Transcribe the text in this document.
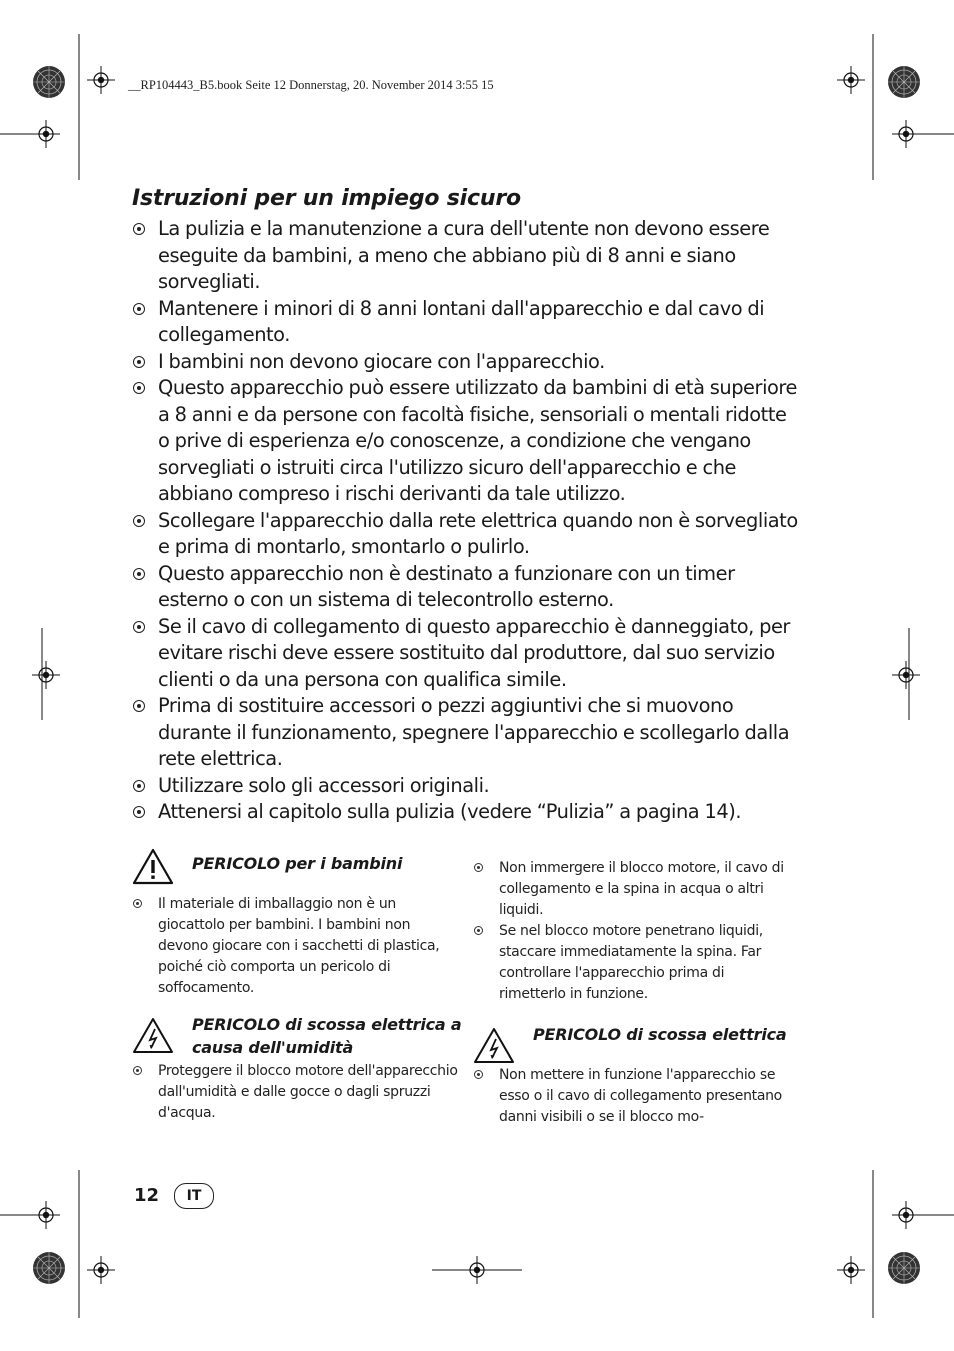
__RP104443_B5.book Seite 12 Donnerstag, 20. November 2014 3:55 15
Istruzioni per un impiego sicuro
La pulizia e la manutenzione a cura dell'utente non devono essere eseguite da bambini, a meno che abbiano più di 8 anni e siano sorvegliati.
Mantenere i minori di 8 anni lontani dall'apparecchio e dal cavo di collegamento.
I bambini non devono giocare con l'apparecchio.
Questo apparecchio può essere utilizzato da bambini di età superiore a 8 anni e da persone con facoltà fisiche, sensoriali o mentali ridotte o prive di esperienza e/o conoscenze, a condizione che vengano sorvegliati o istruiti circa l'utilizzo sicuro dell'apparecchio e che abbiano compreso i rischi derivanti da tale utilizzo.
Scollegare l'apparecchio dalla rete elettrica quando non è sorvegliato e prima di montarlo, smontarlo o pulirlo.
Questo apparecchio non è destinato a funzionare con un timer esterno o con un sistema di telecontrollo esterno.
Se il cavo di collegamento di questo apparecchio è danneggiato, per evitare rischi deve essere sostituito dal produttore, dal suo servizio clienti o da una persona con qualifica simile.
Prima di sostituire accessori o pezzi aggiuntivi che si muovono durante il funzionamento, spegnere l'apparecchio e scollegarlo dalla rete elettrica.
Utilizzare solo gli accessori originali.
Attenersi al capitolo sulla pulizia (vedere “Pulizia” a pagina 14).
PERICOLO per i bambini
Il materiale di imballaggio non è un giocattolo per bambini. I bambini non devono giocare con i sacchetti di plastica, poiché ciò comporta un pericolo di soffocamento.
PERICOLO di scossa elettrica a causa dell'umidità
Proteggere il blocco motore dell'apparecchio dall'umidità e dalle gocce o dagli spruzzi d'acqua.
Non immergere il blocco motore, il cavo di collegamento e la spina in acqua o altri liquidi.
Se nel blocco motore penetrano liquidi, staccare immediatamente la spina. Far controllare l'apparecchio prima di rimetterlo in funzione.
PERICOLO di scossa elettrica
Non mettere in funzione l'apparecchio se esso o il cavo di collegamento presentano danni visibili o se il blocco mo-
12	IT
